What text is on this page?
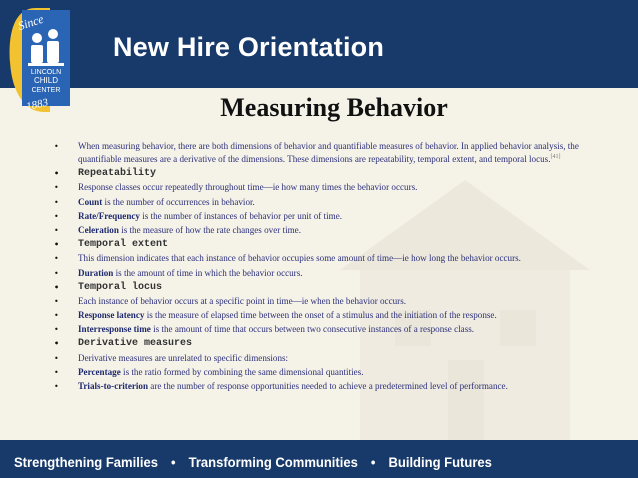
New Hire Orientation
Since
LINCOLN
CHILD
CENTER
1883	Measuring Behavior
• When measuring behavior, there are both dimensions of behavior and quantifiable measures of behavior. In applied behavior analysis, the quantifiable measures are a derivative of the dimensions. These dimensions are repeatability, temporal extent, and temporal locus.[41]
• Repeatability
• Response classes occur repeatedly throughout time—ie how many times the behavior occurs.
• Count is the number of occurrences in behavior.
• Rate/Frequency is the number of instances of behavior per unit of time.
• Celeration is the measure of how the rate changes over time.
• Temporal extent
• This dimension indicates that each instance of behavior occupies some amount of time—ie how long the behavior occurs.
• Duration is the amount of time in which the behavior occurs.
• Temporal locus
• Each instance of behavior occurs at a specific point in time—ie when the behavior occurs.
• Response latency is the measure of elapsed time between the onset of a stimulus and the initiation of the response.
• Interresponse time is the amount of time that occurs between two consecutive instances of a response class.
• Derivative measures
• Derivative measures are unrelated to specific dimensions:
• Percentage is the ratio formed by combining the same dimensional quantities.
• Trials-to-criterion are the number of response opportunities needed to achieve a predetermined level of performance.
Strengthening Families • Transforming Communities • Building Futures
